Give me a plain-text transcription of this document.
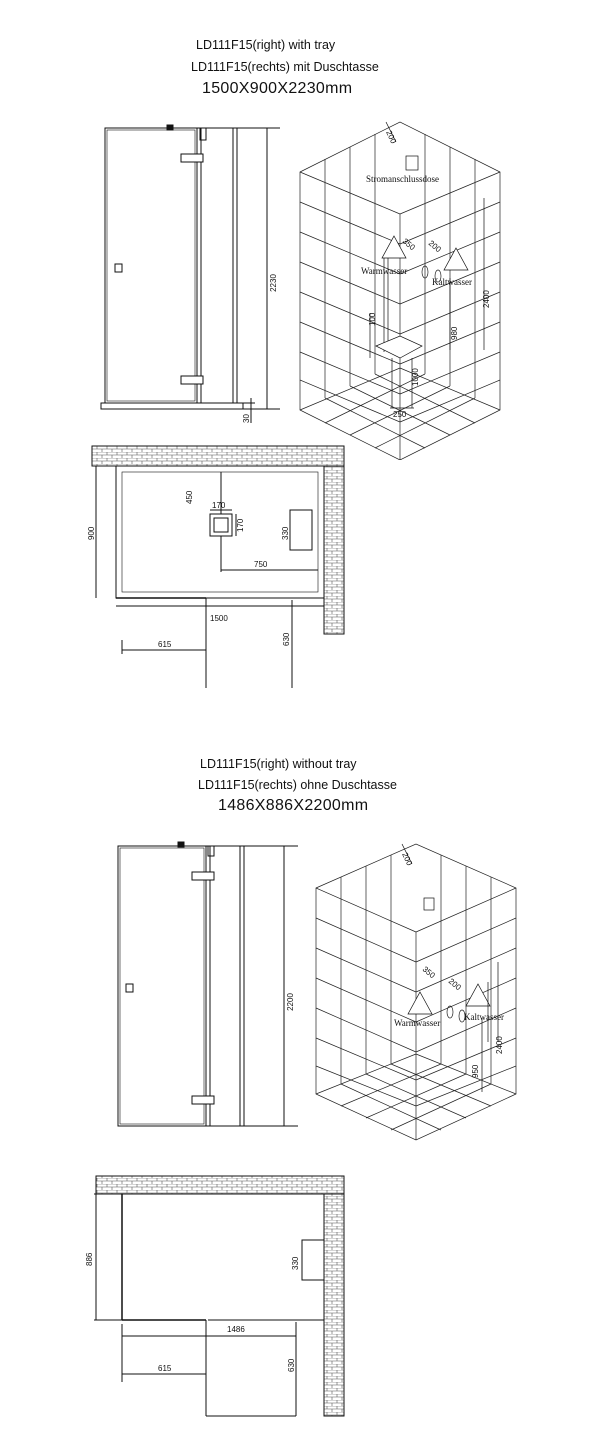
LD111F15(right) with tray
LD111F15(rechts) mit Duschtasse
1500X900X2230mm
2230
30
200
Stromanschlussdose
350 200
Warmwasser
Kaltwasser
2400
980
100
1000
250
900
450
170
170
330
750
1500
615	630
LD111F15(right) without tray
LD111F15(rechts) ohne Duschtasse
1486X886X2200mm
2200
200
350
200
Warmwasser
Kaltwasser
2400
950
886	330
1486
615	630
